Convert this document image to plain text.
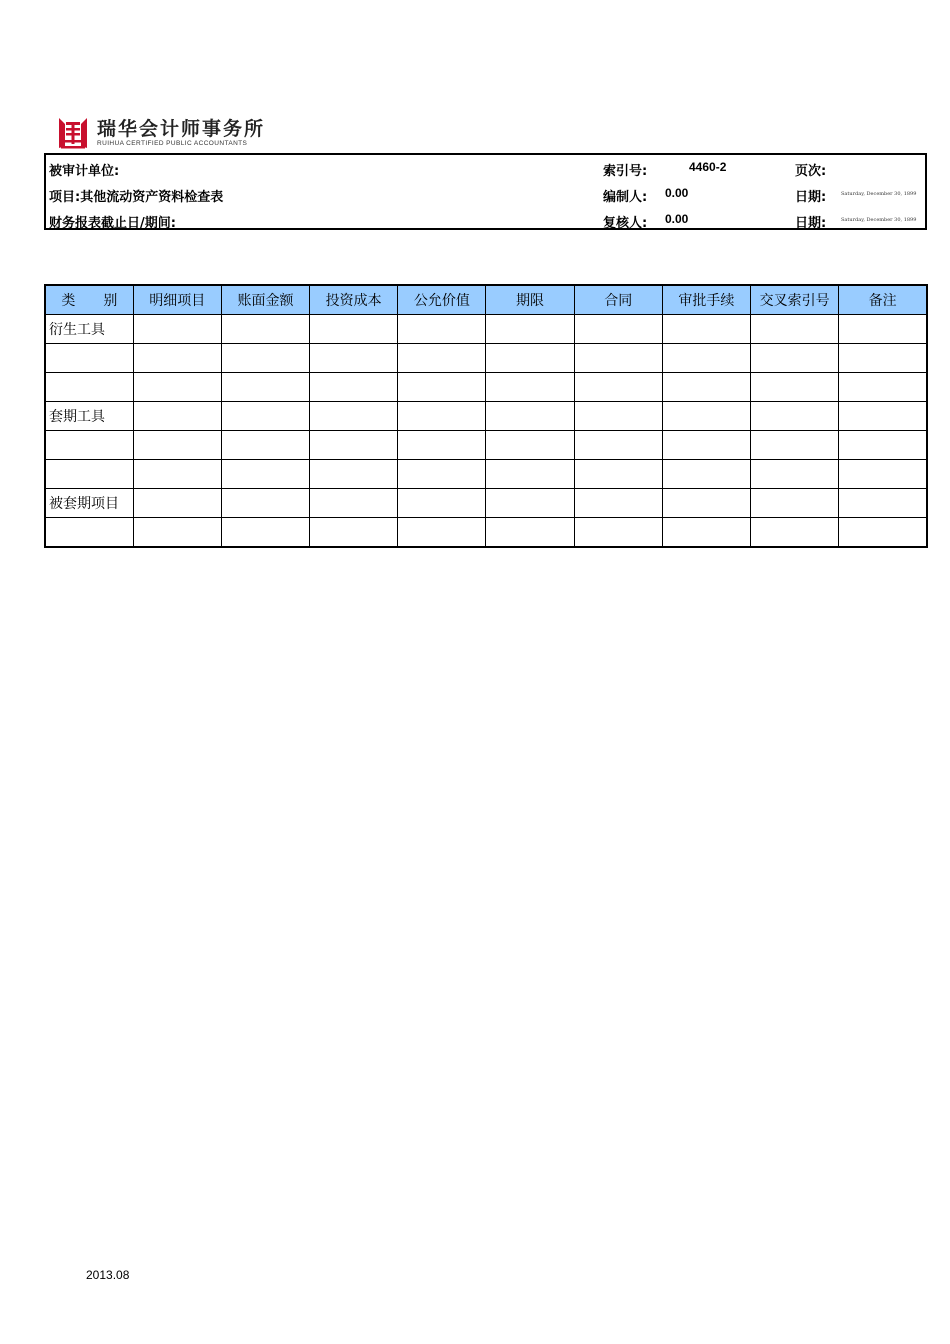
瑞华会计师事务所
RUIHUA CERTIFIED PUBLIC ACCOUNTANTS
被审计单位:	索引号:	4460-2	页次:
项目:其他流动资产资料检查表	编制人: 0.00	日期:	Saturday, December 30, 1899
财务报表截止日/期间:	复核人: 0.00	日期:	Saturday, December 30, 1899
类　　别	明细项目	账面金额	投资成本	公允价值	期限	合同	审批手续	交叉索引号	备注
衍生工具									

套期工具									

被套期项目									

2013.08
